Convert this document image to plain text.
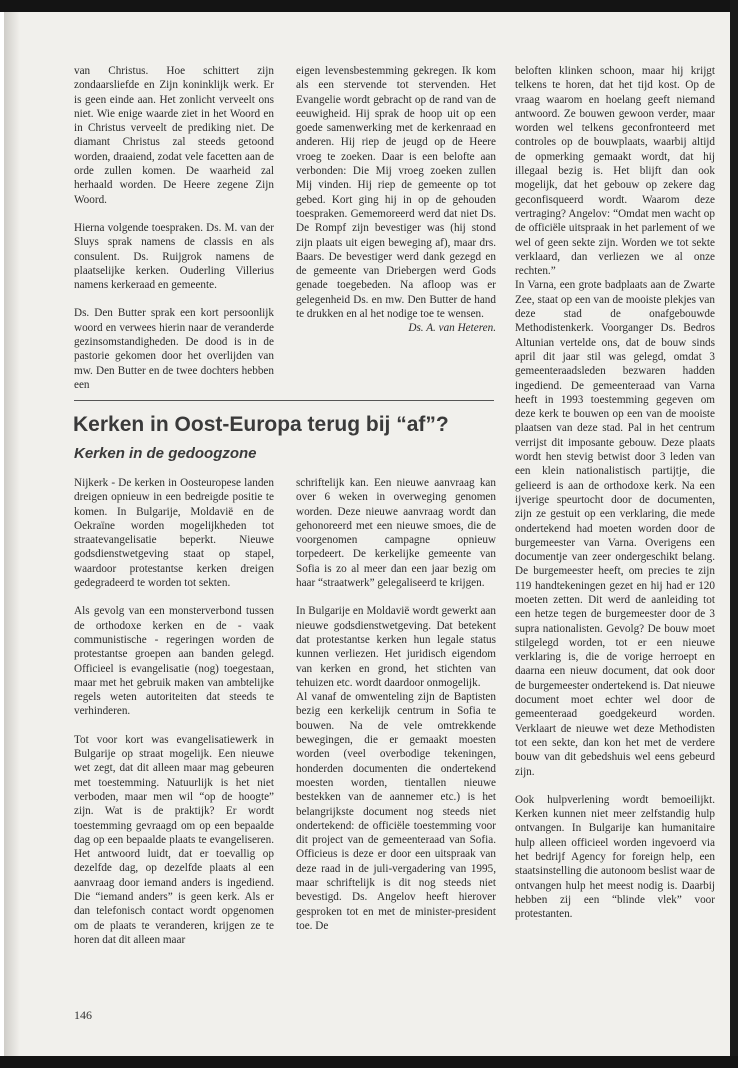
van Christus. Hoe schittert zijn zondaarsliefde en Zijn koninklijk werk. Er is geen einde aan. Het zonlicht verveelt ons niet. Wie enige waarde ziet in het Woord en in Christus verveelt de prediking niet. De diamant Christus zal steeds getoond worden, draaiend, zodat vele facetten aan de orde zullen komen. De waarheid zal herhaald worden. De Heere zegene Zijn Woord.

Hierna volgende toespraken. Ds. M. van der Sluys sprak namens de classis en als consulent. Ds. Ruijgrok namens de plaatselijke kerken. Ouderling Villerius namens kerkeraad en gemeente.

Ds. Den Butter sprak een kort persoonlijk woord en verwees hierin naar de veranderde gezinsomstandigheden. De dood is in de pastorie gekomen door het overlijden van mw. Den Butter en de twee dochters hebben een

eigen levensbestemming gekregen. Ik kom als een stervende tot stervenden. Het Evangelie wordt gebracht op de rand van de eeuwigheid. Hij sprak de hoop uit op een goede samenwerking met de kerkenraad en anderen. Hij riep de jeugd op de Heere vroeg te zoeken. Daar is een belofte aan verbonden: Die Mij vroeg zoeken zullen Mij vinden. Hij riep de gemeente op tot gebed. Kort ging hij in op de gehouden toespraken. Gememoreerd werd dat niet Ds. De Rompf zijn bevestiger was (hij stond zijn plaats uit eigen beweging af), maar drs. Baars. De bevestiger werd dank gezegd en de gemeente van Driebergen werd Gods genade toegebeden. Na afloop was er gelegenheid Ds. en mw. Den Butter de hand te drukken en al het nodige toe te wensen.

Ds. A. van Heteren.
Kerken in Oost-Europa terug bij “af”?
Kerken in de gedoogzone

Nijkerk - De kerken in Oosteuropese landen dreigen opnieuw in een bedreigde positie te komen. In Bulgarije, Moldavië en de Oekraïne worden mogelijkheden tot straatevangelisatie beperkt. Nieuwe godsdienstwetgeving staat op stapel, waardoor protestantse kerken dreigen gedegradeerd te worden tot sekten.

Als gevolg van een monsterverbond tussen de orthodoxe kerken en de - vaak communistische - regeringen worden de protestantse groepen aan banden gelegd. Officieel is evangelisatie (nog) toegestaan, maar met het gebruik maken van ambtelijke regels weten autoriteiten dat steeds te verhinderen.

Tot voor kort was evangelisatiewerk in Bulgarije op straat mogelijk. Een nieuwe wet zegt, dat dit alleen maar mag gebeuren met toestemming. Natuurlijk is het niet verboden, maar men wil “op de hoogte” zijn. Wat is de praktijk? Er wordt toestemming gevraagd om op een bepaalde dag op een bepaalde plaats te evangeliseren. Het antwoord luidt, dat er toevallig op dezelfde dag, op dezelfde plaats al een aanvraag door iemand anders is ingediend. Die “iemand anders” is geen kerk. Als er dan telefonisch contact wordt opgenomen om de plaats te veranderen, krijgen ze te horen dat dit alleen maar

schriftelijk kan. Een nieuwe aanvraag kan over 6 weken in overweging genomen worden. Deze nieuwe aanvraag wordt dan gehonoreerd met een nieuwe smoes, die de voorgenomen campagne opnieuw torpedeert. De kerkelijke gemeente van Sofia is zo al meer dan een jaar bezig om haar “straatwerk” gelegaliseerd te krijgen.

In Bulgarije en Moldavië wordt gewerkt aan nieuwe godsdienstwetgeving. Dat betekent dat protestantse kerken hun legale status kunnen verliezen. Het juridisch eigendom van kerken en grond, het stichten van tehuizen etc. wordt daardoor onmogelijk.

Al vanaf de omwenteling zijn de Baptisten bezig een kerkelijk centrum in Sofia te bouwen. Na de vele omtrekkende bewegingen, die er gemaakt moesten worden (veel overbodige tekeningen, honderden documenten die ondertekend moesten worden, tientallen nieuwe bestekken van de aannemer etc.) is het belangrijkste document nog steeds niet ondertekend: de officiële toestemming voor dit project van de gemeenteraad van Sofia. Officieus is deze er door een uitspraak van deze raad in de juli-vergadering van 1995, maar schriftelijk is dit nog steeds niet bevestigd. Ds. Angelov heeft hierover gesproken tot en met de minister-president toe. De

beloften klinken schoon, maar hij krijgt telkens te horen, dat het tijd kost. Op de vraag waarom en hoelang geeft niemand antwoord. Ze bouwen gewoon verder, maar worden wel telkens geconfronteerd met controles op de bouwplaats, waarbij altijd de opmerking gemaakt wordt, dat hij illegaal bezig is. Het blijft dan ook mogelijk, dat het gebouw op zekere dag geconfisqueerd wordt. Waarom deze vertraging? Angelov: “Omdat men wacht op de officiële uitspraak in het parlement of we wel of geen sekte zijn. Worden we tot sekte verklaard, dan verliezen we al onze rechten.”

In Varna, een grote badplaats aan de Zwarte Zee, staat op een van de mooiste plekjes van deze stad de onafgebouwde Methodistenkerk. Voorganger Ds. Bedros Altunian vertelde ons, dat de bouw sinds april dit jaar stil was gelegd, omdat 3 gemeenteraadsleden bezwaren hadden ingediend. De gemeenteraad van Varna heeft in 1993 toestemming gegeven om deze kerk te bouwen op een van de mooiste plaatsen van deze stad. Pal in het centrum verrijst dit imposante gebouw. Deze plaats wordt hen stevig betwist door 3 leden van een klein nationalistisch partijtje, die gelieerd is aan de orthodoxe kerk. Na een ijverige speurtocht door de documenten, zijn ze gestuit op een verklaring, die mede ondertekend had moeten worden door de burgemeester van Varna. Overigens een documentje van zeer ondergeschikt belang. De burgemeester heeft, om precies te zijn 119 handtekeningen gezet en hij had er 120 moeten zetten. Dit werd de aanleiding tot een hetze tegen de burgemeester door de 3 supra nationalisten. Gevolg? De bouw moet stilgelegd worden, tot er een nieuwe verklaring is, die de vorige herroept en daarna een nieuw document, dat ook door de burgemeester ondertekend is. Dat nieuwe document moet echter wel door de gemeenteraad goedgekeurd worden. Verklaart de nieuwe wet deze Methodisten tot een sekte, dan kon het met de verdere bouw van dit gebedshuis wel eens gebeurd zijn.

Ook hulpverlening wordt bemoeilijkt. Kerken kunnen niet meer zelfstandig hulp ontvangen. In Bulgarije kan humanitaire hulp alleen officieel worden ingevoerd via het bedrijf Agency for foreign help, een staatsinstelling die autonoom beslist waar de ontvangen hulp het meest nodig is. Daarbij hebben zij een “blinde vlek” voor protestanten.

146
